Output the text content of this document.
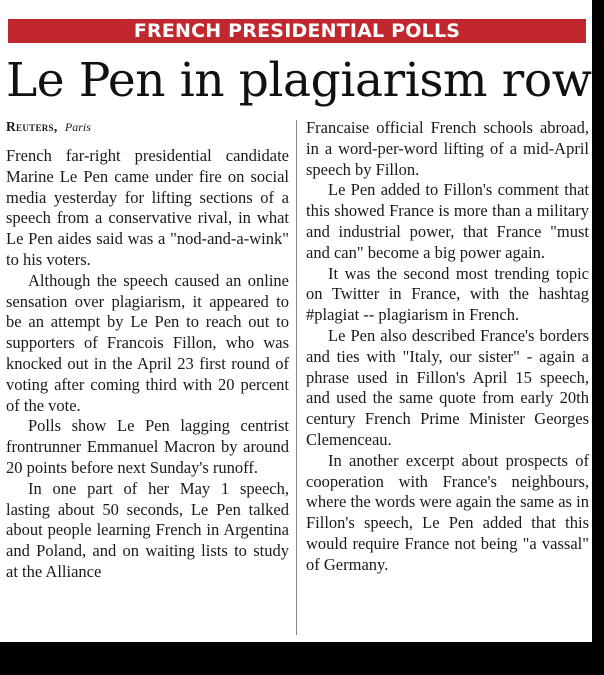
FRENCH PRESIDENTIAL POLLS
Le Pen in plagiarism row
Reuters, Paris

French far-right presidential candidate Marine Le Pen came under fire on social media yesterday for lifting sections of a speech from a conservative rival, in what Le Pen aides said was a "nod-and-a-wink" to his voters.

Although the speech caused an online sensation over plagiarism, it appeared to be an attempt by Le Pen to reach out to supporters of Francois Fillon, who was knocked out in the April 23 first round of voting after coming third with 20 percent of the vote.

Polls show Le Pen lagging centrist frontrunner Emmanuel Macron by around 20 points before next Sunday's runoff.

In one part of her May 1 speech, lasting about 50 seconds, Le Pen talked about people learning French in Argentina and Poland, and on waiting lists to study at the Alliance

Francaise official French schools abroad, in a word-per-word lifting of a mid-April speech by Fillon.

Le Pen added to Fillon's comment that this showed France is more than a military and industrial power, that France "must and can" become a big power again.

It was the second most trending topic on Twitter in France, with the hashtag #plagiat -- plagiarism in French.

Le Pen also described France's borders and ties with "Italy, our sister" - again a phrase used in Fillon's April 15 speech, and used the same quote from early 20th century French Prime Minister Georges Clemenceau.

In another excerpt about prospects of cooperation with France's neighbours, where the words were again the same as in Fillon's speech, Le Pen added that this would require France not being "a vassal" of Germany.
